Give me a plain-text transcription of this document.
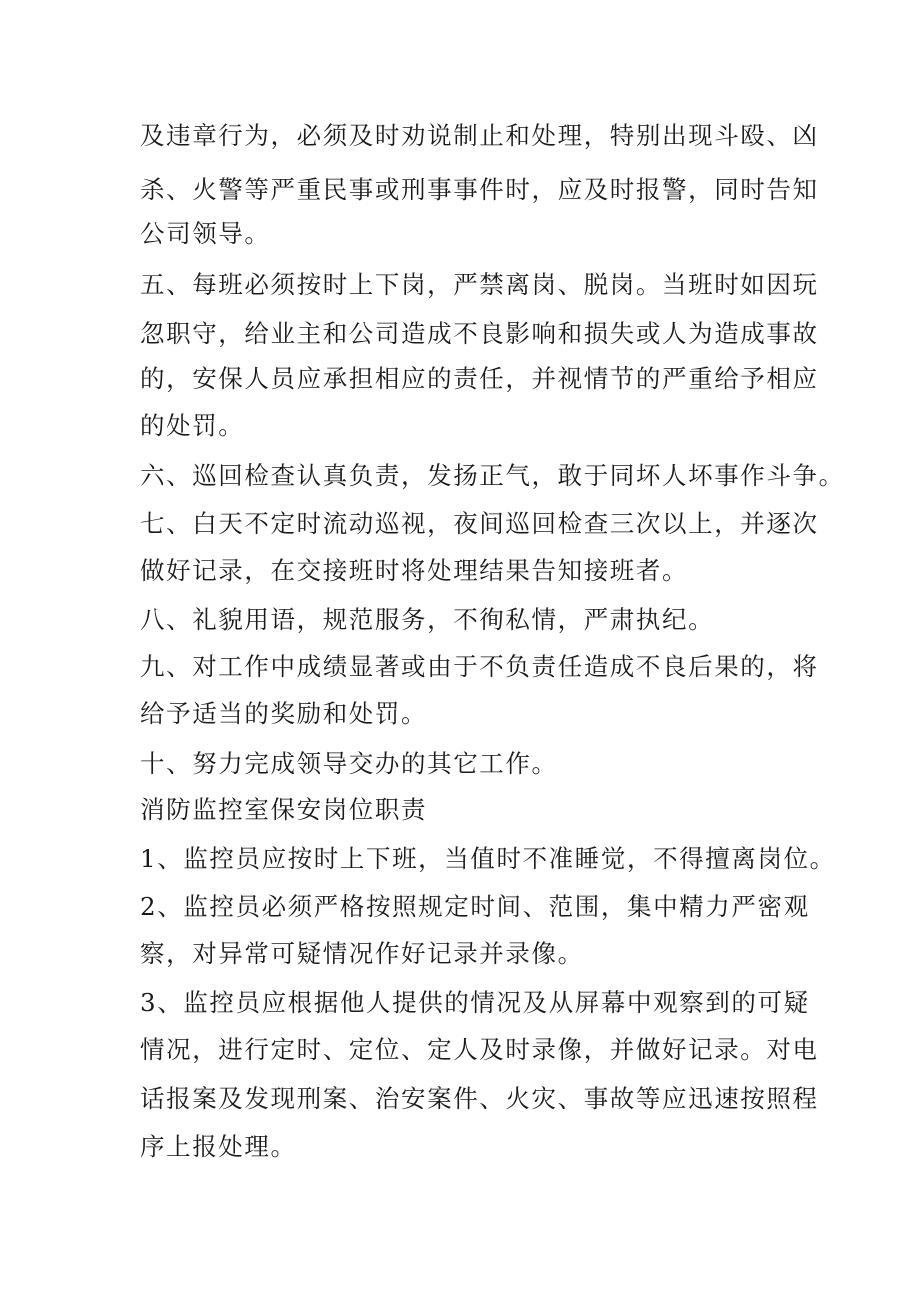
及违章行为，必须及时劝说制止和处理，特别出现斗殴、凶

杀、火警等严重民事或刑事事件时，应及时报警，同时告知

公司领导。

五、每班必须按时上下岗，严禁离岗、脱岗。当班时如因玩

忽职守，给业主和公司造成不良影响和损失或人为造成事故

的，安保人员应承担相应的责任，并视情节的严重给予相应

的处罚。

六、巡回检查认真负责，发扬正气，敢于同坏人坏事作斗争。

七、白天不定时流动巡视，夜间巡回检查三次以上，并逐次

做好记录，在交接班时将处理结果告知接班者。

八、礼貌用语，规范服务，不徇私情，严肃执纪。

九、对工作中成绩显著或由于不负责任造成不良后果的，将

给予适当的奖励和处罚。

十、努力完成领导交办的其它工作。

消防监控室保安岗位职责

1、监控员应按时上下班，当值时不准睡觉，不得擅离岗位。

2、监控员必须严格按照规定时间、范围，集中精力严密观

察，对异常可疑情况作好记录并录像。

3、监控员应根据他人提供的情况及从屏幕中观察到的可疑

情况，进行定时、定位、定人及时录像，并做好记录。对电

话报案及发现刑案、治安案件、火灾、事故等应迅速按照程

序上报处理。
